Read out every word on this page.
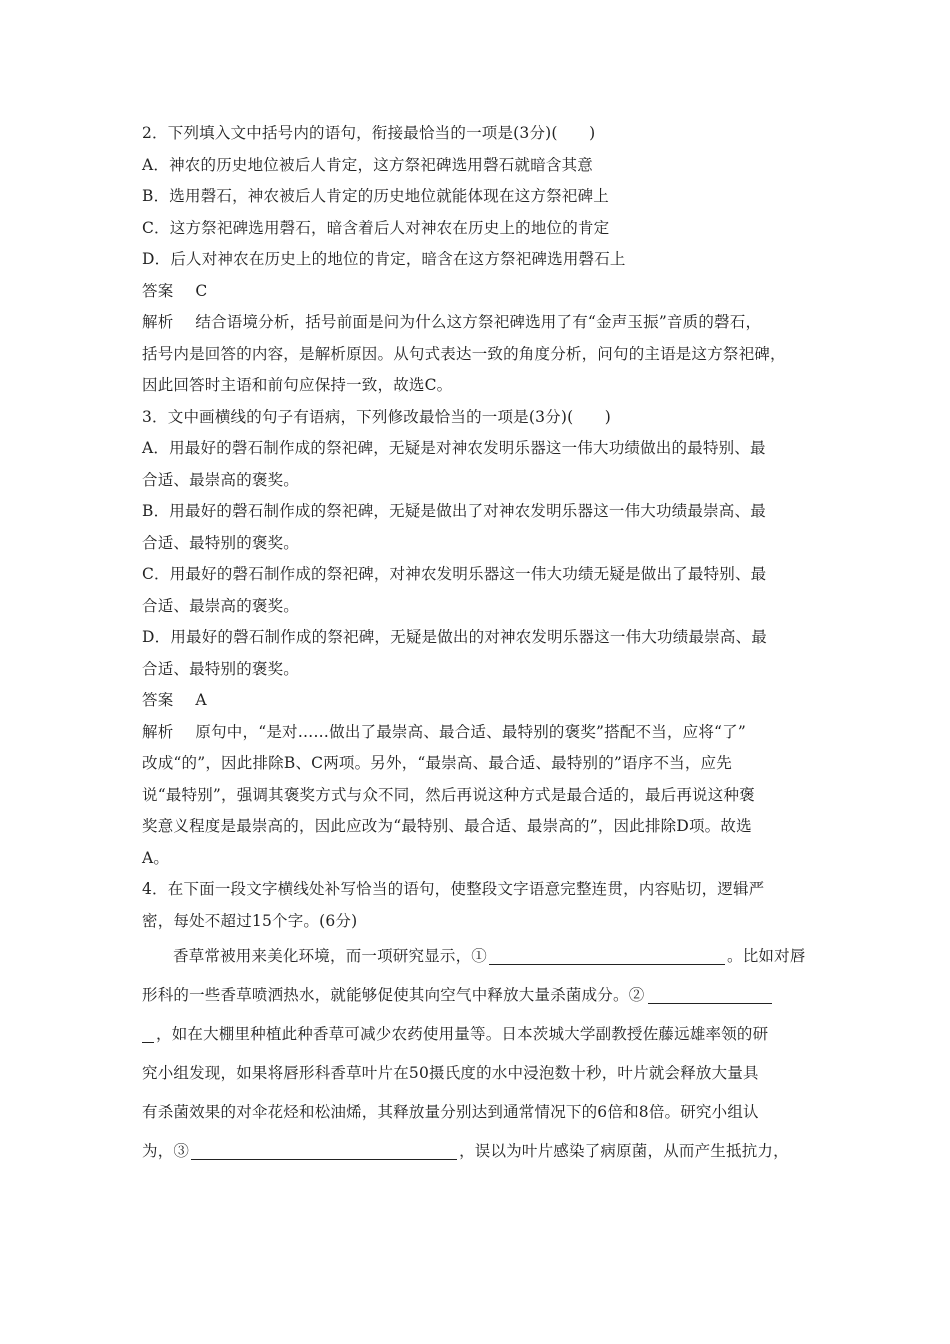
2．下列填入文中括号内的语句，衔接最恰当的一项是(3分)(　　)
A．神农的历史地位被后人肯定，这方祭祀碑选用磬石就暗含其意
B．选用磬石，神农被后人肯定的历史地位就能体现在这方祭祀碑上
C．这方祭祀碑选用磬石，暗含着后人对神农在历史上的地位的肯定
D．后人对神农在历史上的地位的肯定，暗含在这方祭祀碑选用磬石上
答案 C
解析 结合语境分析，括号前面是问为什么这方祭祀碑选用了有“金声玉振”音质的磬石，
括号内是回答的内容，是解析原因。从句式表达一致的角度分析，问句的主语是这方祭祀碑，
因此回答时主语和前句应保持一致，故选C。
3．文中画横线的句子有语病，下列修改最恰当的一项是(3分)(　　)
A．用最好的磬石制作成的祭祀碑，无疑是对神农发明乐器这一伟大功绩做出的最特别、最
合适、最崇高的褒奖。
B．用最好的磬石制作成的祭祀碑，无疑是做出了对神农发明乐器这一伟大功绩最崇高、最
合适、最特别的褒奖。
C．用最好的磬石制作成的祭祀碑，对神农发明乐器这一伟大功绩无疑是做出了最特别、最
合适、最崇高的褒奖。
D．用最好的磬石制作成的祭祀碑，无疑是做出的对神农发明乐器这一伟大功绩最崇高、最
合适、最特别的褒奖。
答案 A
解析 原句中，“是对……做出了最崇高、最合适、最特别的褒奖”搭配不当，应将“了”
改成“的”，因此排除B、C两项。另外，“最崇高、最合适、最特别的”语序不当，应先
说“最特别”，强调其褒奖方式与众不同，然后再说这种方式是最合适的，最后再说这种褒
奖意义程度是最崇高的，因此应改为“最特别、最合适、最崇高的”，因此排除D项。故选
A。
4．在下面一段文字横线处补写恰当的语句，使整段文字语意完整连贯，内容贴切，逻辑严
密，每处不超过15个字。(6分)
香草常被用来美化环境，而一项研究显示，①	。比如对唇
形科的一些香草喷洒热水，就能够促使其向空气中释放大量杀菌成分。②
，如在大棚里种植此种香草可减少农药使用量等。日本茨城大学副教授佐藤远雄率领的研
究小组发现，如果将唇形科香草叶片在50摄氏度的水中浸泡数十秒，叶片就会释放大量具
有杀菌效果的对伞花烃和松油烯，其释放量分别达到通常情况下的6倍和8倍。研究小组认
为，③	，误以为叶片感染了病原菌，从而产生抵抗力，
